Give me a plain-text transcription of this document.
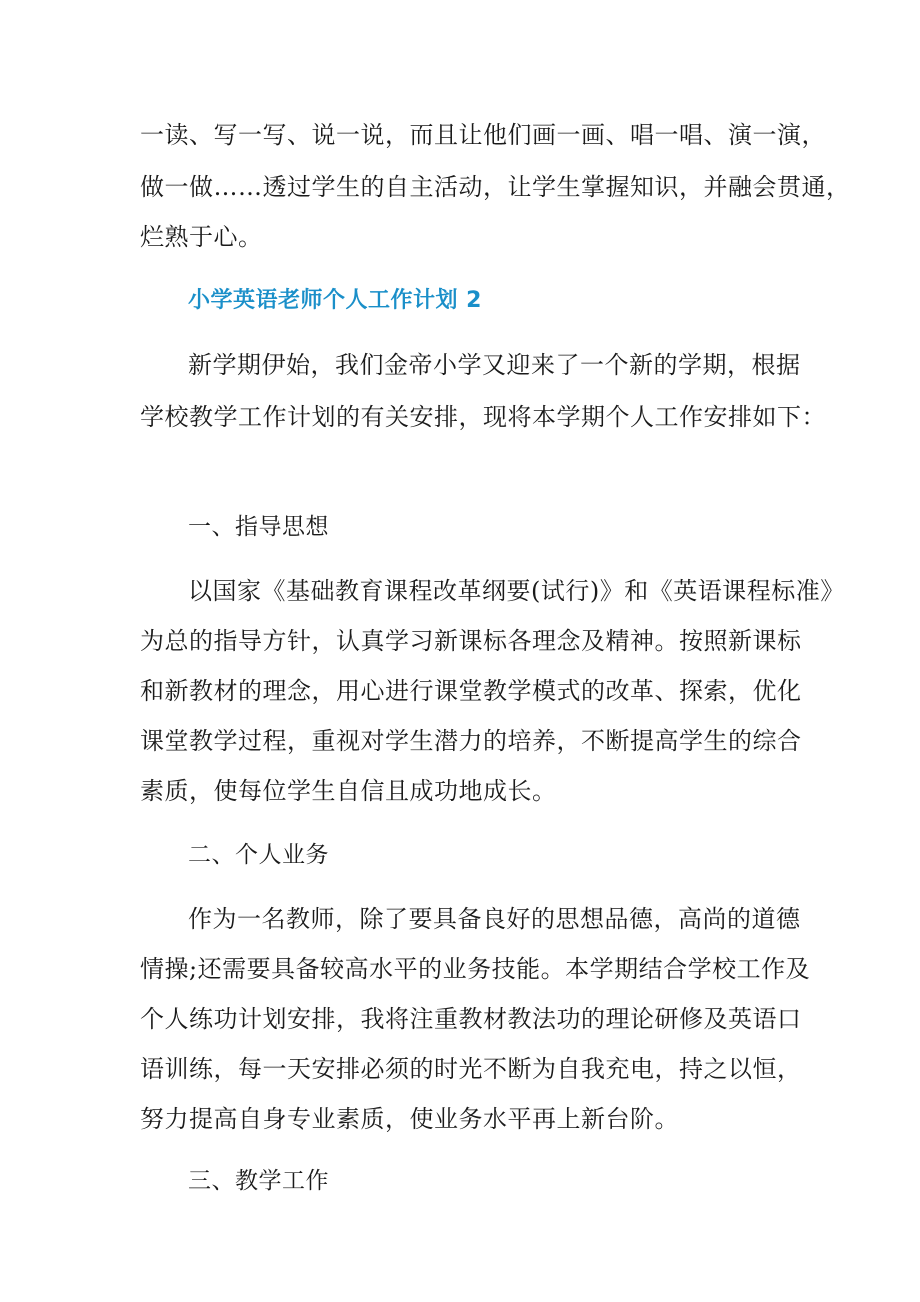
一读、写一写、说一说，而且让他们画一画、唱一唱、演一演，
做一做……透过学生的自主活动，让学生掌握知识，并融会贯通，
烂熟于心。
小学英语老师个人工作计划 2
新学期伊始，我们金帝小学又迎来了一个新的学期，根据
学校教学工作计划的有关安排，现将本学期个人工作安排如下：
一、指导思想
以国家《基础教育课程改革纲要(试行)》和《英语课程标准》
为总的指导方针，认真学习新课标各理念及精神。按照新课标
和新教材的理念，用心进行课堂教学模式的改革、探索，优化
课堂教学过程，重视对学生潜力的培养，不断提高学生的综合
素质，使每位学生自信且成功地成长。
二、个人业务
作为一名教师，除了要具备良好的思想品德，高尚的道德
情操;还需要具备较高水平的业务技能。本学期结合学校工作及
个人练功计划安排，我将注重教材教法功的理论研修及英语口
语训练，每一天安排必须的时光不断为自我充电，持之以恒，
努力提高自身专业素质，使业务水平再上新台阶。
三、教学工作
